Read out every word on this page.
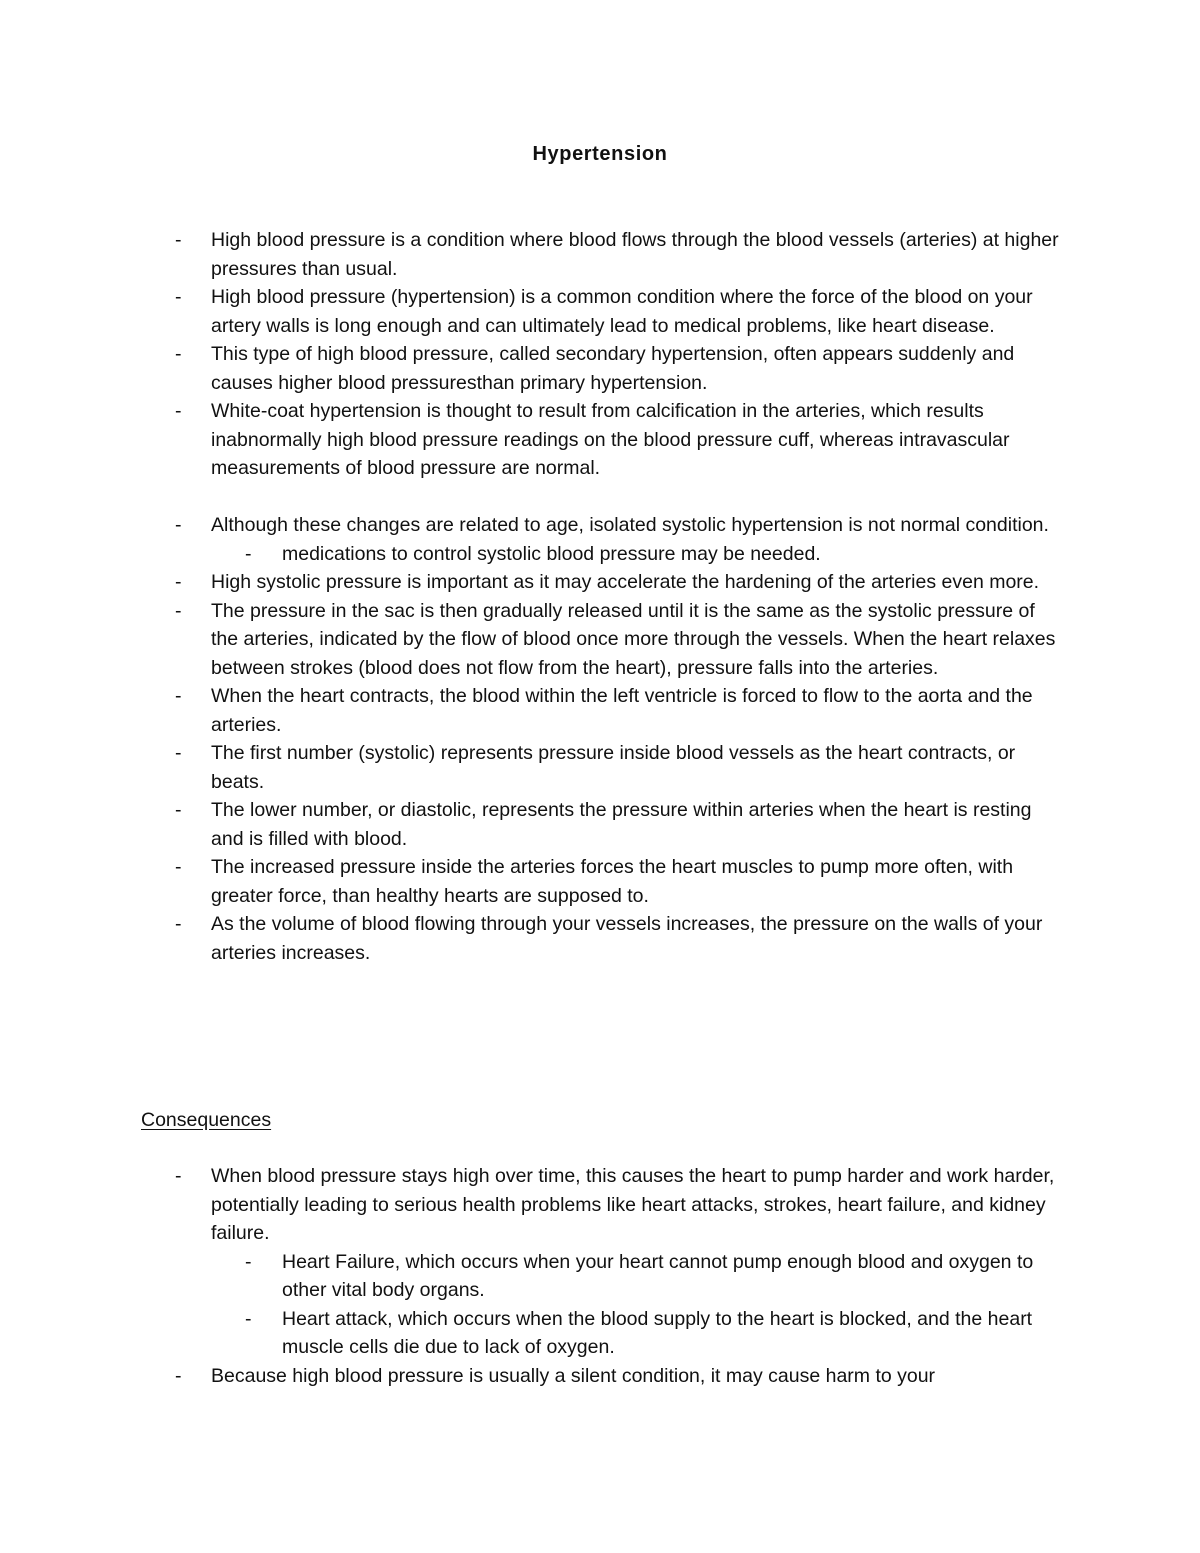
Hypertension
- High blood pressure is a condition where blood flows through the blood vessels (arteries) at higher pressures than usual.
- High blood pressure (hypertension) is a common condition where the force of the blood on your artery walls is long enough and can ultimately lead to medical problems, like heart disease.
- This type of high blood pressure, called secondary hypertension, often appears suddenly and causes higher blood pressuresthan primary hypertension.
- White-coat hypertension is thought to result from calcification in the arteries, which results inabnormally high blood pressure readings on the blood pressure cuff, whereas intravascular measurements of blood pressure are normal.
- Although these changes are related to age, isolated systolic hypertension is not normal condition.
- medications to control systolic blood pressure may be needed.
- High systolic pressure is important as it may accelerate the hardening of the arteries even more.
- The pressure in the sac is then gradually released until it is the same as the systolic pressure of the arteries, indicated by the flow of blood once more through the vessels. When the heart relaxes between strokes (blood does not flow from the heart), pressure falls into the arteries.
- When the heart contracts, the blood within the left ventricle is forced to flow to the aorta and the arteries.
- The first number (systolic) represents pressure inside blood vessels as the heart contracts, or beats.
- The lower number, or diastolic, represents the pressure within arteries when the heart is resting and is filled with blood.
- The increased pressure inside the arteries forces the heart muscles to pump more often, with greater force, than healthy hearts are supposed to.
- As the volume of blood flowing through your vessels increases, the pressure on the walls of your arteries increases.
Consequences
- When blood pressure stays high over time, this causes the heart to pump harder and work harder, potentially leading to serious health problems like heart attacks, strokes, heart failure, and kidney failure.
- Heart Failure, which occurs when your heart cannot pump enough blood and oxygen to other vital body organs.
- Heart attack, which occurs when the blood supply to the heart is blocked, and the heart muscle cells die due to lack of oxygen.
- Because high blood pressure is usually a silent condition, it may cause harm to your
